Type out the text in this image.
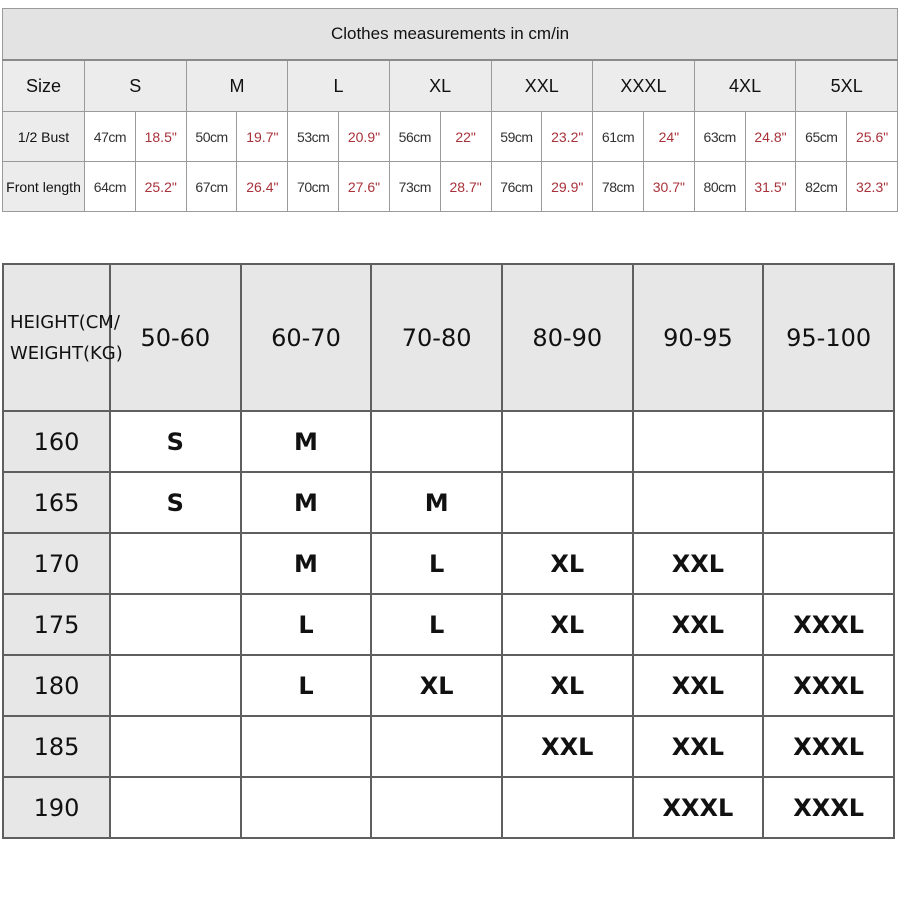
Clothes measurements in cm/in																
Size	S		M		L		XL		XXL		XXXL		4XL		5XL	
1/2 Bust	47cm	18.5"	50cm	19.7"	53cm	20.9"	56cm	22"	59cm	23.2"	61cm	24"	63cm	24.8"	65cm	25.6"
Front length	64cm	25.2"	67cm	26.4"	70cm	27.6"	73cm	28.7"	76cm	29.9"	78cm	30.7"	80cm	31.5"	82cm	32.3"
HEIGHT(CM/
WEIGHT(KG)	50-60	60-70	70-80	80-90	90-95	95-100
160	S	M				
165	S	M	M			
170		M	L	XL	XXL	
175		L	L	XL	XXL	XXXL
180		L	XL	XL	XXL	XXXL
185				XXL	XXL	XXXL
190					XXXL	XXXL
